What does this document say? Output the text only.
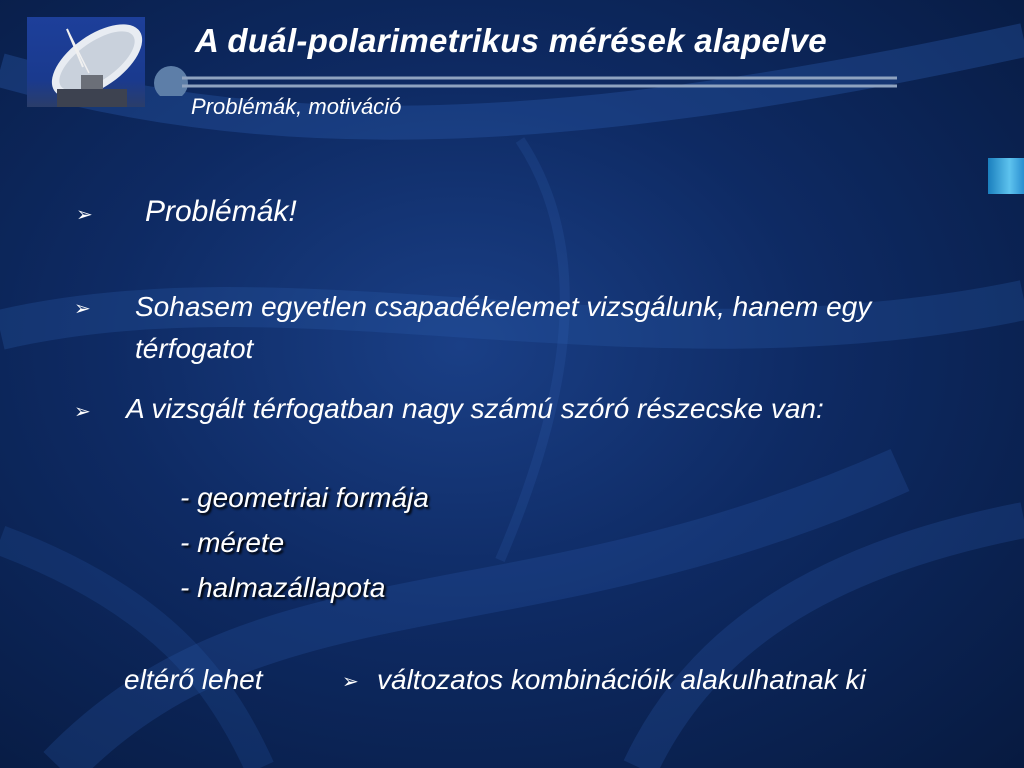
A duál-polarimetrikus mérések alapelve
Problémák, motiváció
➢ Problémák!
➢ Sohasem egyetlen csapadékelemet vizsgálunk, hanem egy
térfogatot
➢ A vizsgált térfogatban nagy számú szóró részecske van:
- geometriai formája
- mérete
- halmazállapota
eltérő lehet	➢ változatos kombinációik alakulhatnak ki
